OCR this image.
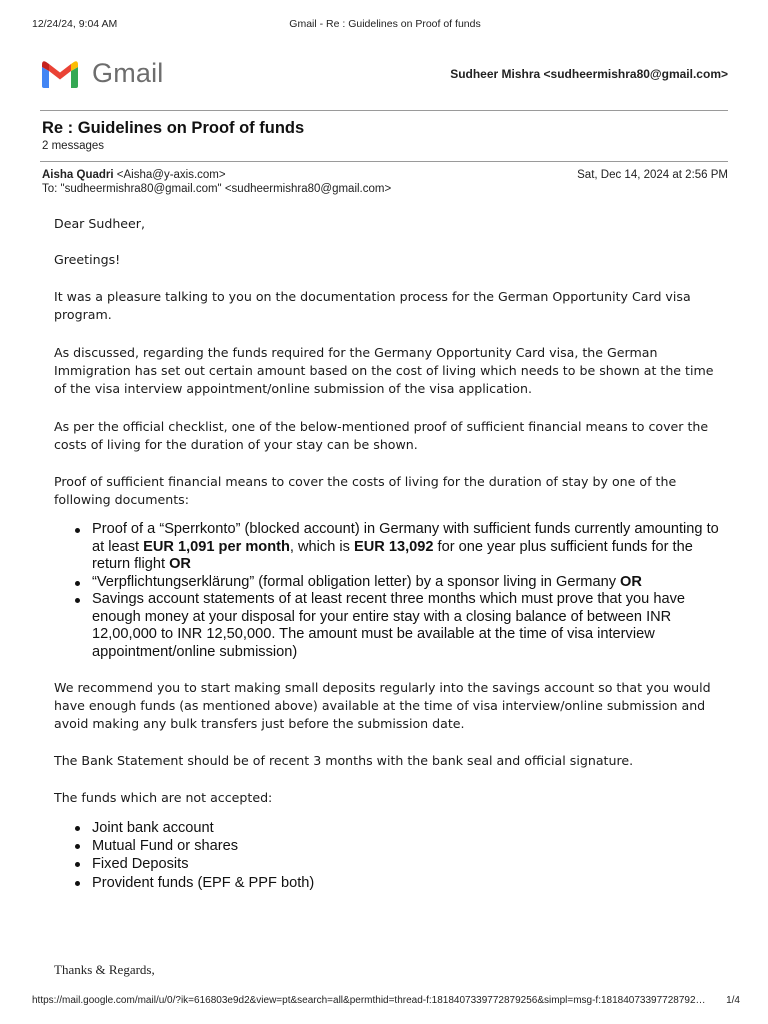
12/24/24, 9:04 AM	Gmail - Re : Guidelines on Proof of funds
Gmail	Sudheer Mishra <sudheermishra80@gmail.com>
Re : Guidelines on Proof of funds
2 messages
Aisha Quadri <Aisha@y-axis.com>	Sat, Dec 14, 2024 at 2:56 PM
To: "sudheermishra80@gmail.com" <sudheermishra80@gmail.com>

Dear Sudheer,

Greetings!

It was a pleasure talking to you on the documentation process for the German Opportunity Card visa program.

As discussed, regarding the funds required for the Germany Opportunity Card visa, the German Immigration has set out certain amount based on the cost of living which needs to be shown at the time of the visa interview appointment/online submission of the visa application.

As per the official checklist, one of the below-mentioned proof of sufficient financial means to cover the costs of living for the duration of your stay can be shown.

Proof of sufficient financial means to cover the costs of living for the duration of stay by one of the following documents:

Proof of a “Sperrkonto” (blocked account) in Germany with sufficient funds currently amounting to at least EUR 1,091 per month, which is EUR 13,092 for one year plus sufficient funds for the return flight OR
“Verpflichtungserklärung” (formal obligation letter) by a sponsor living in Germany OR
Savings account statements of at least recent three months which must prove that you have enough money at your disposal for your entire stay with a closing balance of between INR 12,00,000 to INR 12,50,000. The amount must be available at the time of visa interview appointment/online submission)

We recommend you to start making small deposits regularly into the savings account so that you would have enough funds (as mentioned above) available at the time of visa interview/online submission and avoid making any bulk transfers just before the submission date.

The Bank Statement should be of recent 3 months with the bank seal and official signature.

The funds which are not accepted:

Joint bank account
Mutual Fund or shares
Fixed Deposits
Provident funds (EPF & PPF both)
Thanks & Regards,
https://mail.google.com/mail/u/0/?ik=616803e9d2&view=pt&search=all&permthid=thread-f:1818407339772879256&simpl=msg-f:18184073397728792…	1/4
